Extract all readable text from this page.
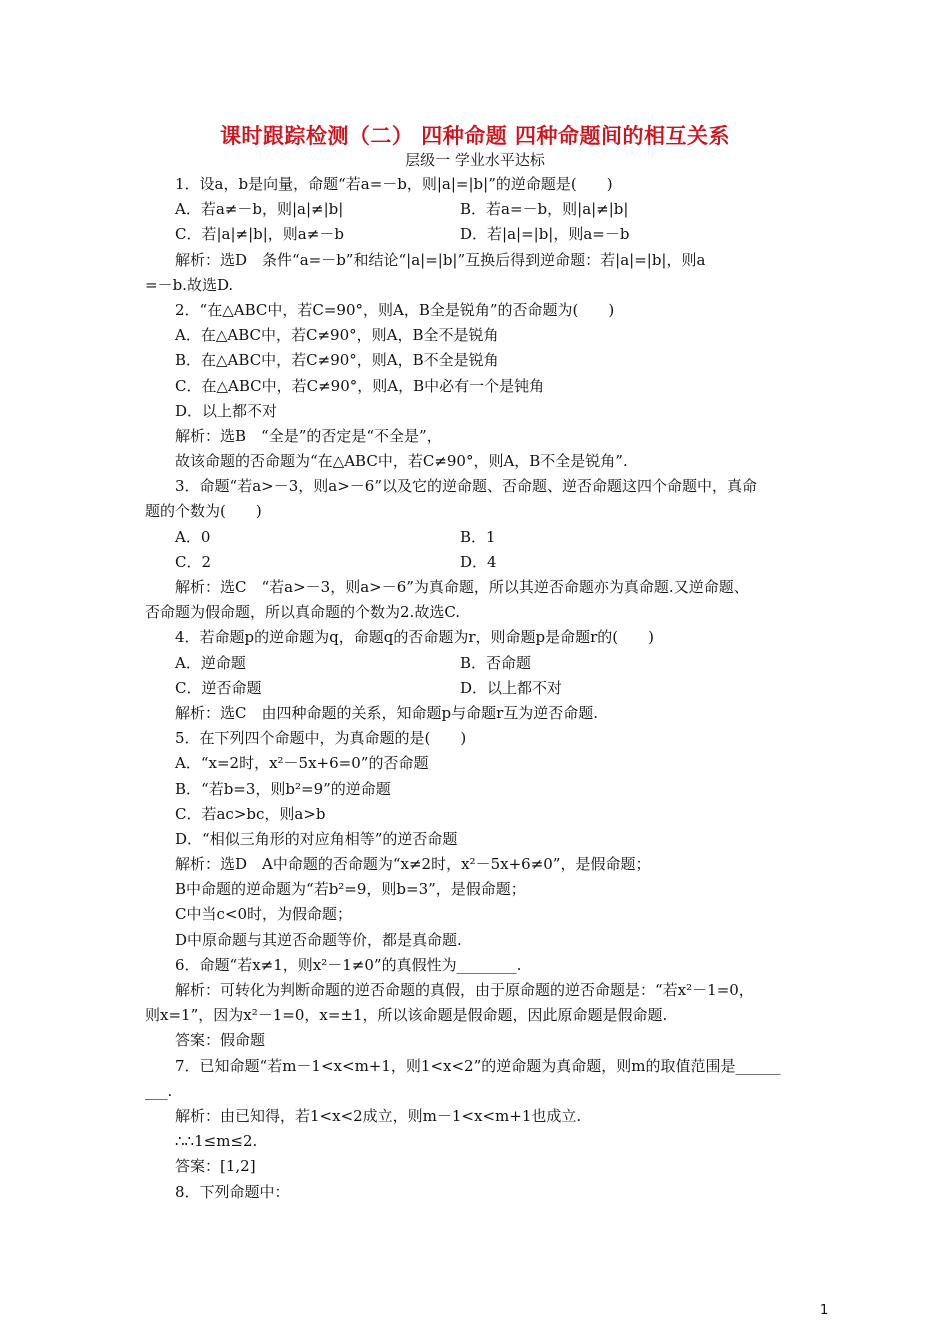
课时跟踪检测（二） 四种命题 四种命题间的相互关系
层级一 学业水平达标
1．设a，b是向量，命题“若a=－b，则|a|=|b|”的逆命题是(　　)
A．若a≠－b，则|a|≠|b|	B．若a=－b，则|a|≠|b|
C．若|a|≠|b|，则a≠－b	D．若|a|=|b|，则a=－b
解析：选D　条件“a=－b”和结论“|a|=|b|”互换后得到逆命题：若|a|=|b|，则a
=－b.故选D.
2．“在△ABC中，若C=90°，则A，B全是锐角”的否命题为(　　)
A．在△ABC中，若C≠90°，则A，B全不是锐角
B．在△ABC中，若C≠90°，则A，B不全是锐角
C．在△ABC中，若C≠90°，则A，B中必有一个是钝角
D．以上都不对
解析：选B　“全是”的否定是“不全是”，
故该命题的否命题为“在△ABC中，若C≠90°，则A，B不全是锐角”.
3．命题“若a>－3，则a>－6”以及它的逆命题、否命题、逆否命题这四个命题中，真命
题的个数为(　　)
A．0	B．1
C．2	D．4
解析：选C　“若a>－3，则a>－6”为真命题，所以其逆否命题亦为真命题.又逆命题、
否命题为假命题，所以真命题的个数为2.故选C.
4．若命题p的逆命题为q，命题q的否命题为r，则命题p是命题r的(　　)
A．逆命题	B．否命题
C．逆否命题	D．以上都不对
解析：选C　由四种命题的关系，知命题p与命题r互为逆否命题.
5．在下列四个命题中，为真命题的是(　　)
A．“x=2时，x²－5x+6=0”的否命题
B．“若b=3，则b²=9”的逆命题
C．若ac>bc，则a>b
D．“相似三角形的对应角相等”的逆否命题
解析：选D　A中命题的否命题为“x≠2时，x²－5x+6≠0”，是假命题；
B中命题的逆命题为“若b²=9，则b=3”，是假命题；
C中当c<0时，为假命题；
D中原命题与其逆否命题等价，都是真命题.
6．命题“若x≠1，则x²－1≠0”的真假性为________.
解析：可转化为判断命题的逆否命题的真假，由于原命题的逆否命题是：“若x²－1=0，
则x=1”，因为x²－1=0，x=±1，所以该命题是假命题，因此原命题是假命题.
答案：假命题
7．已知命题“若m－1<x<m+1，则1<x<2”的逆命题为真命题，则m的取值范围是______
___.
解析：由已知得，若1<x<2成立，则m－1<x<m+1也成立.
∴∴1≤m≤2.
答案：[1,2]
8．下列命题中：
1
